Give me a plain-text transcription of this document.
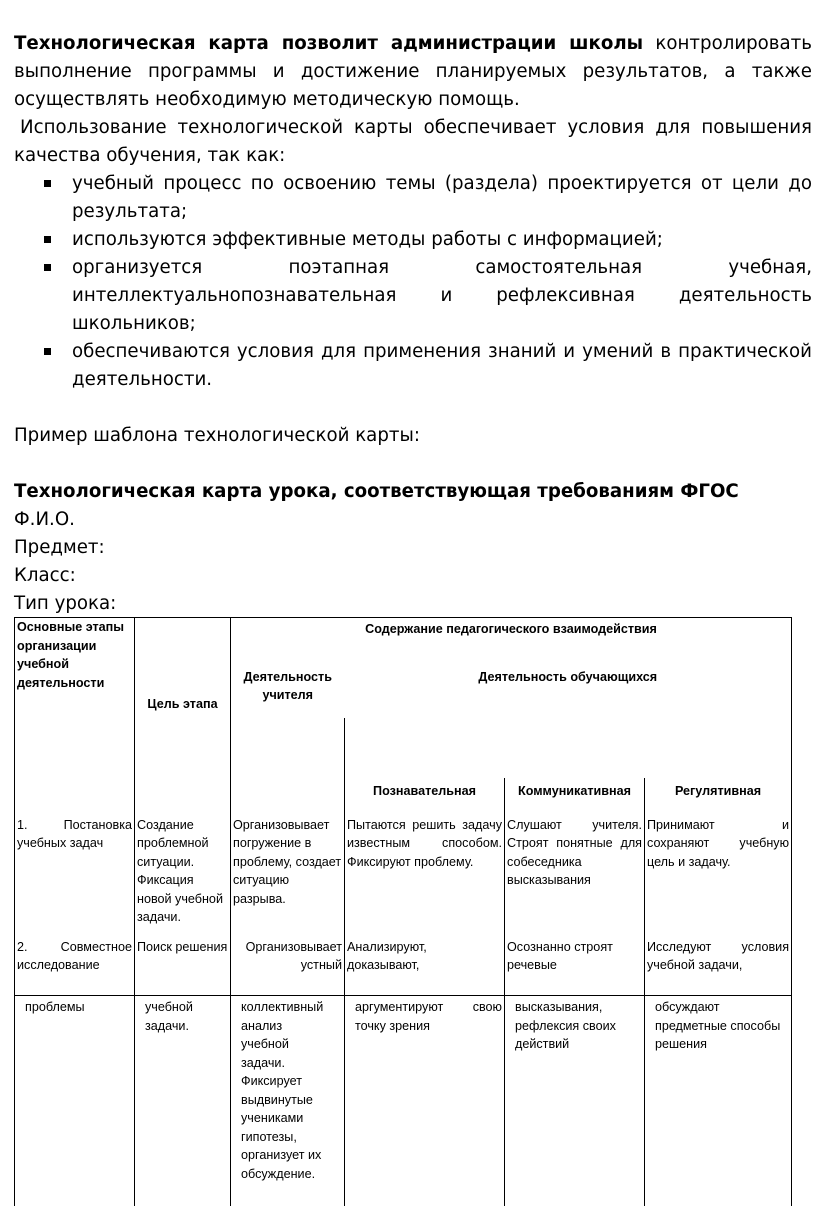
Технологическая карта позволит администрации школы контролировать выполнение программы и достижение планируемых результатов, а также осуществлять необходимую методическую помощь.

Использование технологической карты обеспечивает условия для повышения качества обучения, так как:

учебный процесс по освоению темы (раздела) проектируется от цели до результата;
используются эффективные методы работы с информацией;
организуется поэтапная самостоятельная учебная, интеллектуальнопознавательная и рефлексивная деятельность школьников;
обеспечиваются условия для применения знаний и умений в практической деятельности.

Пример шаблона технологической карты:

Технологическая карта урока, соответствующая требованиям ФГОС

Ф.И.О.

Предмет:

Класс:

Тип урока:

Основные этапы организации учебной деятельности		Содержание педагогического взаимодействия			
	Цель этапа	Деятельность учителя	Деятельность обучающихся		

			Познавательная	Коммуникативная	Регулятивная
1. Постановка учебных задач	Создание проблемной ситуации. Фиксация новой учебной задачи.	Организовывает погружение в проблему, создает ситуацию разрыва.	Пытаются решить задачу известным способом. Фиксируют проблему.	Слушают учителя. Строят понятные для собеседника высказывания	Принимают и сохраняют учебную цель и задачу.
2. Совместное исследование	Поиск решения	Организовывает устный	Анализируют, доказывают,	Осознанно строят речевые	Исследуют условия учебной задачи,
проблемы	учебной задачи.	коллективный анализ учебной задачи. Фиксирует выдвинутые учениками гипотезы, организует их обсуждение.	аргументируют свою точку зрения	высказывания, рефлексия своих действий	обсуждают предметные способы решения
